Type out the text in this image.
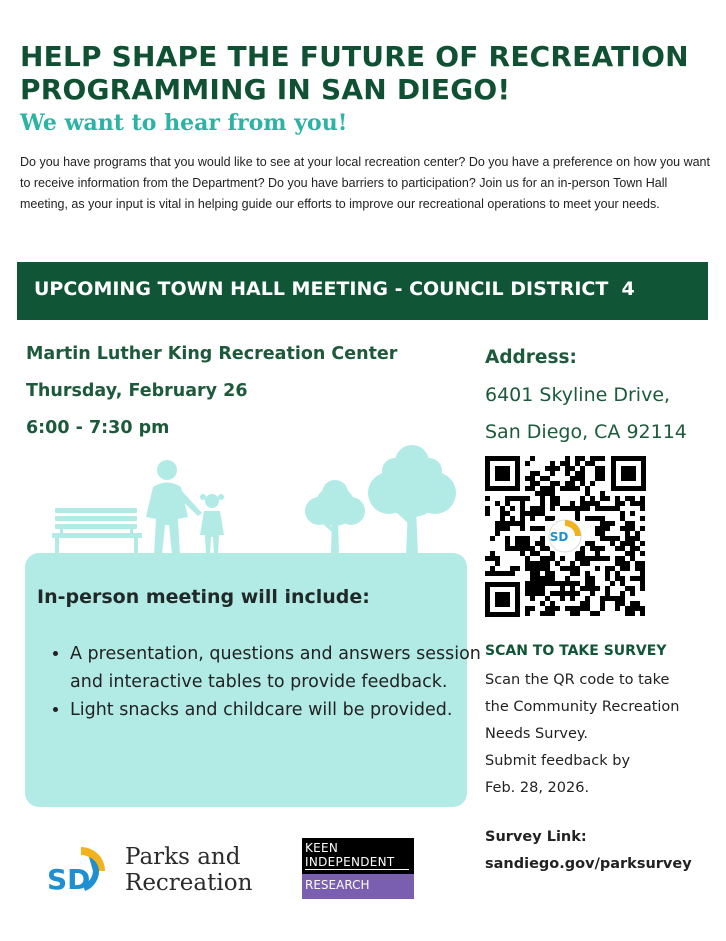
HELP SHAPE THE FUTURE OF RECREATION PROGRAMMING IN SAN DIEGO!
We want to hear from you!
Do you have programs that you would like to see at your local recreation center? Do you have a preference on how you want to receive information from the Department? Do you have barriers to participation? Join us for an in-person Town Hall meeting, as your input is vital in helping guide our efforts to improve our recreational operations to meet your needs.
UPCOMING TOWN HALL MEETING - COUNCIL DISTRICT  4
Martin Luther King Recreation Center
Thursday, February 26
6:00 - 7:30 pm
Address:
6401 Skyline Drive,
San Diego, CA 92114
In-person meeting will include:
• A presentation, questions and answers session and interactive tables to provide feedback.
• Light snacks and childcare will be provided.
SD
SCAN TO TAKE SURVEY
Scan the QR code to take
the Community Recreation
Needs Survey.
Submit feedback by
Feb. 28, 2026.
Survey Link:
sandiego.gov/parksurvey
SD
Parks and
Recreation
KEEN
INDEPENDENT
RESEARCH
